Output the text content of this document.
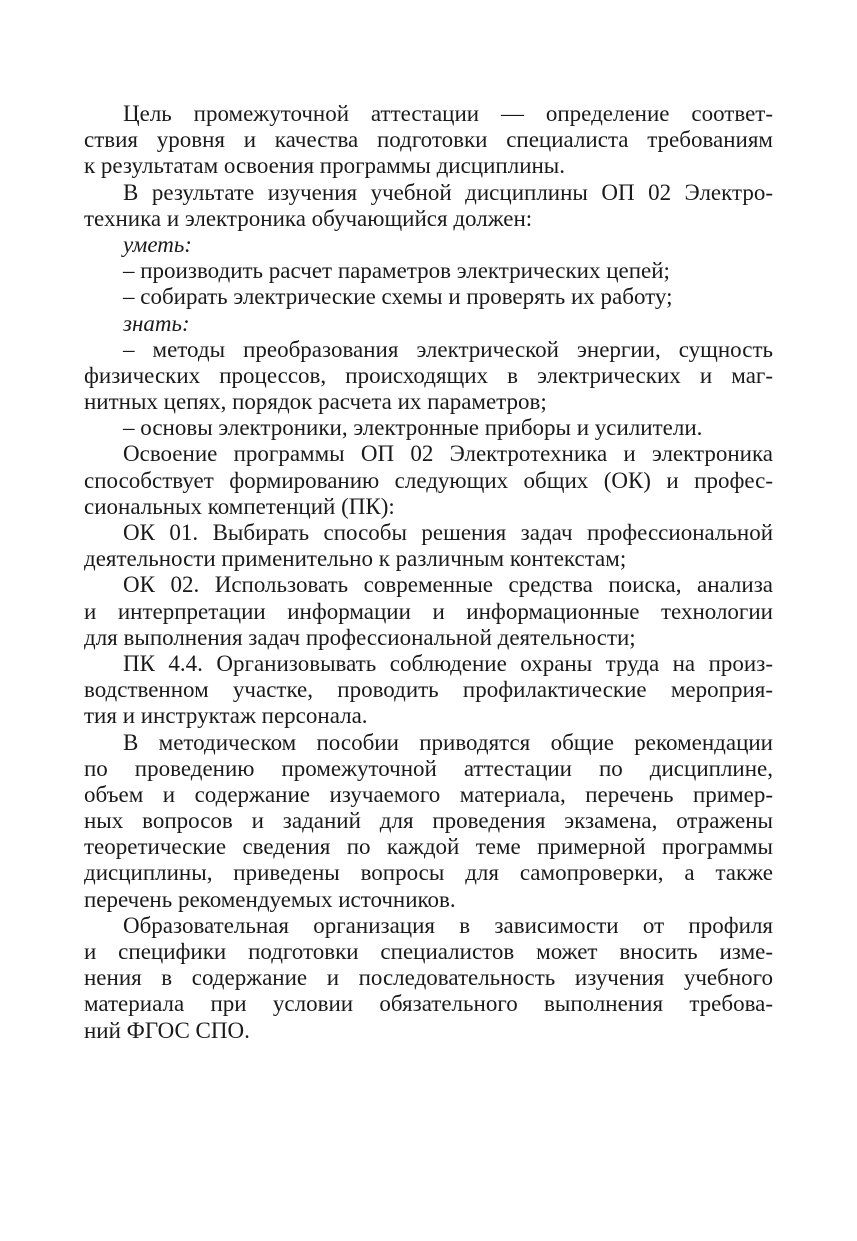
Цель промежуточной аттестации — определение соответ-
ствия уровня и качества подготовки специалиста требованиям
к результатам освоения программы дисциплины.
В результате изучения учебной дисциплины ОП 02 Электро-
техника и электроника обучающийся должен:
уметь:
– производить расчет параметров электрических цепей;
– собирать электрические схемы и проверять их работу;
знать:
– методы преобразования электрической энергии, сущность
физических процессов, происходящих в электрических и маг-
нитных цепях, порядок расчета их параметров;
– основы электроники, электронные приборы и усилители.
Освоение программы ОП 02 Электротехника и электроника
способствует формированию следующих общих (ОК) и профес-
сиональных компетенций (ПК):
ОК 01. Выбирать способы решения задач профессиональной
деятельности применительно к различным контекстам;
ОК 02. Использовать современные средства поиска, анализа
и интерпретации информации и информационные технологии
для выполнения задач профессиональной деятельности;
ПК 4.4. Организовывать соблюдение охраны труда на произ-
водственном участке, проводить профилактические мероприя-
тия и инструктаж персонала.
В методическом пособии приводятся общие рекомендации
по проведению промежуточной аттестации по дисциплине,
объем и содержание изучаемого материала, перечень пример-
ных вопросов и заданий для проведения экзамена, отражены
теоретические сведения по каждой теме примерной программы
дисциплины, приведены вопросы для самопроверки, а также
перечень рекомендуемых источников.
Образовательная организация в зависимости от профиля
и специфики подготовки специалистов может вносить изме-
нения в содержание и последовательность изучения учебного
материала при условии обязательного выполнения требова-
ний ФГОС СПО.
